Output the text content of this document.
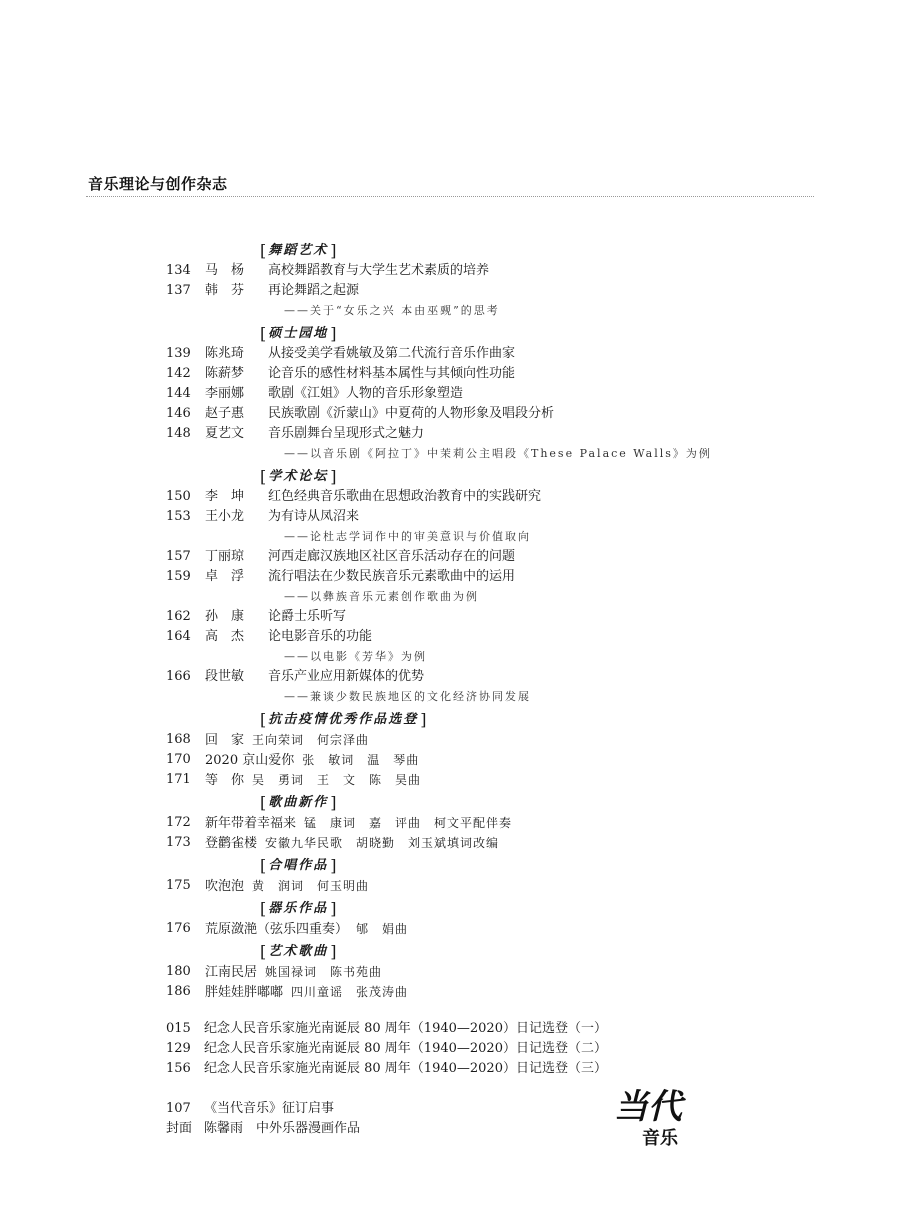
音乐理论与创作杂志
[ 舞蹈艺术 ]
134	马　杨 高校舞蹈教育与大学生艺术素质的培养
137	韩　芬 再论舞蹈之起源
——关于“女乐之兴 本由巫觋”的思考
[ 硕士园地 ]
139	陈兆琦 从接受美学看姚敏及第二代流行音乐作曲家
142	陈薪梦 论音乐的感性材料基本属性与其倾向性功能
144	李丽娜 歌剧《江姐》人物的音乐形象塑造
146	赵子惠 民族歌剧《沂蒙山》中夏荷的人物形象及唱段分析
148	夏艺文 音乐剧舞台呈现形式之魅力
——以音乐剧《阿拉丁》中茉莉公主唱段《These Palace Walls》为例
[ 学术论坛 ]
150	李　坤 红色经典音乐歌曲在思想政治教育中的实践研究
153	王小龙 为有诗从凤沼来
——论杜志学词作中的审美意识与价值取向
157	丁丽琼 河西走廊汉族地区社区音乐活动存在的问题
159	卓　浮 流行唱法在少数民族音乐元素歌曲中的运用
——以彝族音乐元素创作歌曲为例
162	孙　康 论爵士乐听写
164	高　杰 论电影音乐的功能
——以电影《芳华》为例
166	段世敏 音乐产业应用新媒体的优势
——兼谈少数民族地区的文化经济协同发展
[ 抗击疫情优秀作品选登 ]
168	回　家 王向荣词　何宗泽曲
170	2020 京山爱你 张　敏词　温　琴曲
171	等　你 吴　勇词　王　文　陈　昊曲
[ 歌曲新作 ]
172	新年带着幸福来 锰　康词　嘉　评曲　柯文平配伴奏
173	登鹳雀楼 安徽九华民歌　胡晓勤　刘玉斌填词改编
[ 合唱作品 ]
175	吹泡泡 黄　润词　何玉明曲
[ 器乐作品 ]
176	荒原潋滟（弦乐四重奏） 郇　娟曲
[ 艺术歌曲 ]
180	江南民居 姚国禄词　陈书苑曲
186	胖娃娃胖嘟嘟 四川童谣　张茂涛曲
015 纪念人民音乐家施光南诞辰 80 周年（1940—2020）日记选登（一）
129 纪念人民音乐家施光南诞辰 80 周年（1940—2020）日记选登（二）
156 纪念人民音乐家施光南诞辰 80 周年（1940—2020）日记选登（三）
107 《当代音乐》征订启事
封面 陈馨雨　中外乐器漫画作品
当代
音乐
